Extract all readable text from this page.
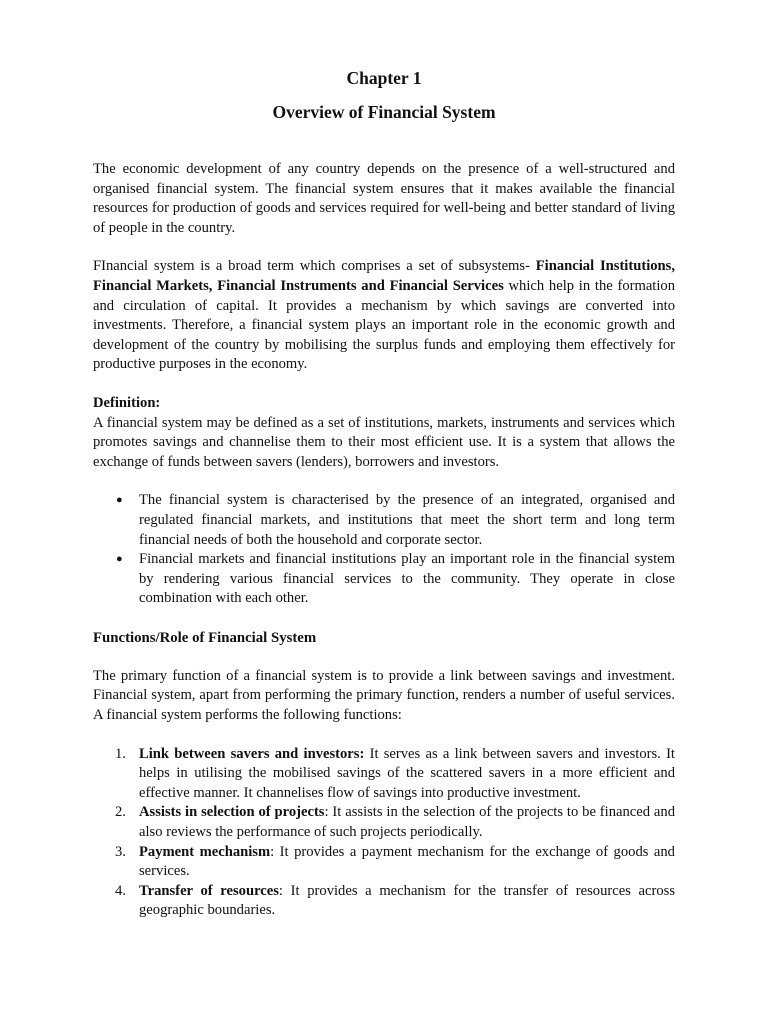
Chapter 1
Overview of Financial System

The economic development of any country depends on the presence of a well-structured and organised financial system. The financial system ensures that it makes available the financial resources for production of goods and services required for well-being and better standard of living of people in the country.

FInancial system is a broad term which comprises a set of subsystems- Financial Institutions, Financial Markets, Financial Instruments and Financial Services which help in the formation and circulation of capital. It provides a mechanism by which savings are converted into investments. Therefore, a financial system plays an important role in the economic growth and development of the country by mobilising the surplus funds and employing them effectively for productive purposes in the economy.

Definition:

A financial system may be defined as a set of institutions, markets, instruments and services which promotes savings and channelise them to their most efficient use. It is a system that allows the exchange of funds between savers (lenders), borrowers and investors.

● The financial system is characterised by the presence of an integrated, organised and regulated financial markets, and institutions that meet the short term and long term financial needs of both the household and corporate sector.
● Financial markets and financial institutions play an important role in the financial system by rendering various financial services to the community. They operate in close combination with each other.

Functions/Role of Financial System

The primary function of a financial system is to provide a link between savings and investment. Financial system, apart from performing the primary function, renders a number of useful services. A financial system performs the following functions:

1. Link between savers and investors: It serves as a link between savers and investors. It helps in utilising the mobilised savings of the scattered savers in a more efficient and effective manner. It channelises flow of savings into productive investment.
2. Assists in selection of projects: It assists in the selection of the projects to be financed and also reviews the performance of such projects periodically.
3. Payment mechanism: It provides a payment mechanism for the exchange of goods and services.
4. Transfer of resources: It provides a mechanism for the transfer of resources across geographic boundaries.
